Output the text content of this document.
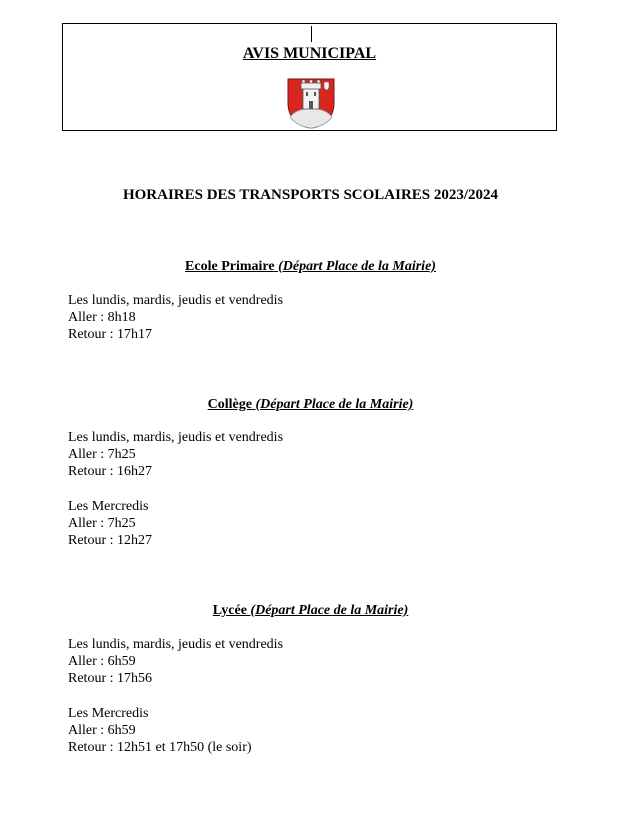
AVIS MUNICIPAL
HORAIRES DES TRANSPORTS SCOLAIRES 2023/2024
Ecole Primaire (Départ Place de la Mairie)
Les lundis, mardis, jeudis et vendredis
Aller : 8h18
Retour : 17h17
Collège (Départ Place de la Mairie)
Les lundis, mardis, jeudis et vendredis
Aller : 7h25
Retour : 16h27
Les Mercredis
Aller : 7h25
Retour : 12h27
Lycée (Départ Place de la Mairie)
Les lundis, mardis, jeudis et vendredis
Aller : 6h59
Retour : 17h56
Les Mercredis
Aller : 6h59
Retour : 12h51 et 17h50 (le soir)
